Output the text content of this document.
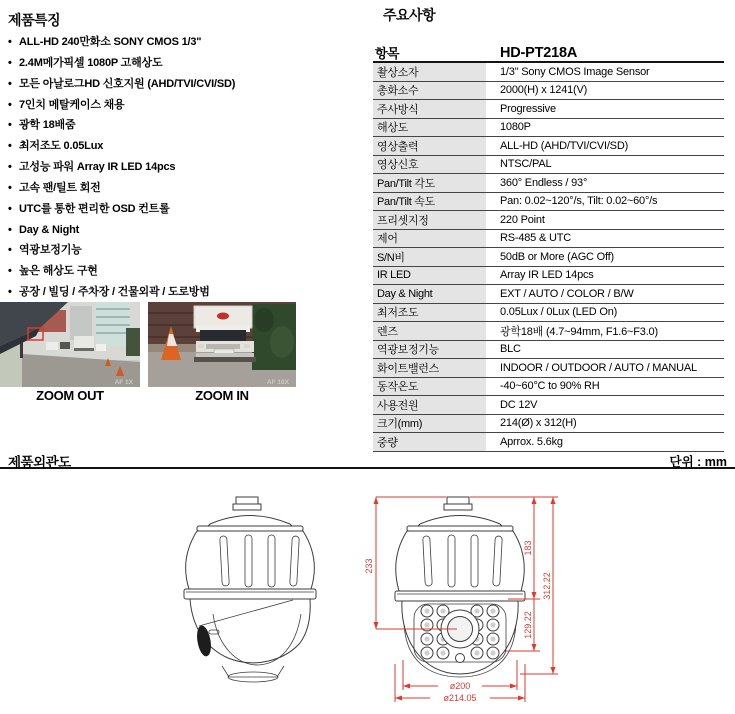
제품특징
• ALL-HD 240만화소 SONY CMOS 1/3"
• 2.4M메가픽셀 1080P 고해상도
• 모든 아날로그HD 신호지원 (AHD/TVI/CVI/SD)
• 7인치 메탈케이스 채용
• 광학 18배줌
• 최저조도 0.05Lux
• 고성능 파워 Array IR LED 14pcs
• 고속 팬/틸트 회전
• UTC를 통한 편리한 OSD 컨트롤
• Day & Night
• 역광보정기능
• 높은 해상도 구현
• 공장 / 빌딩 / 주차장 / 건물외곽 / 도로방범
AF 1X
ZOOM OUT
AF 18X
ZOOM IN
주요사항
항목	HD-PT218A
촬상소자	1/3" Sony CMOS Image Sensor
총화소수	2000(H) x 1241(V)
주사방식	Progressive
해상도	1080P
영상출력	ALL-HD (AHD/TVI/CVI/SD)
영상신호	NTSC/PAL
Pan/Tilt 각도	360° Endless / 93°
Pan/Tilt 속도	Pan: 0.02~120°/s, Tilt: 0.02~60°/s
프리셋지정	220 Point
제어	RS-485 & UTC
S/N비	50dB or More (AGC Off)
IR LED	Array IR LED 14pcs
Day & Night	EXT / AUTO / COLOR / B/W
최저조도	0.05Lux / 0Lux (LED On)
렌즈	광학18배 (4.7~94mm, F1.6~F3.0)
역광보정기능	BLC
화이트밸런스	INDOOR / OUTDOOR / AUTO / MANUAL
동작온도	-40~60°C to 90% RH
사용전원	DC 12V
크기(mm)	214(Ø) x 312(H)
중량	Aprrox. 5.6kg
제품외관도	단위 : mm
233
183
129.22
312.22
ø200
ø214.05
